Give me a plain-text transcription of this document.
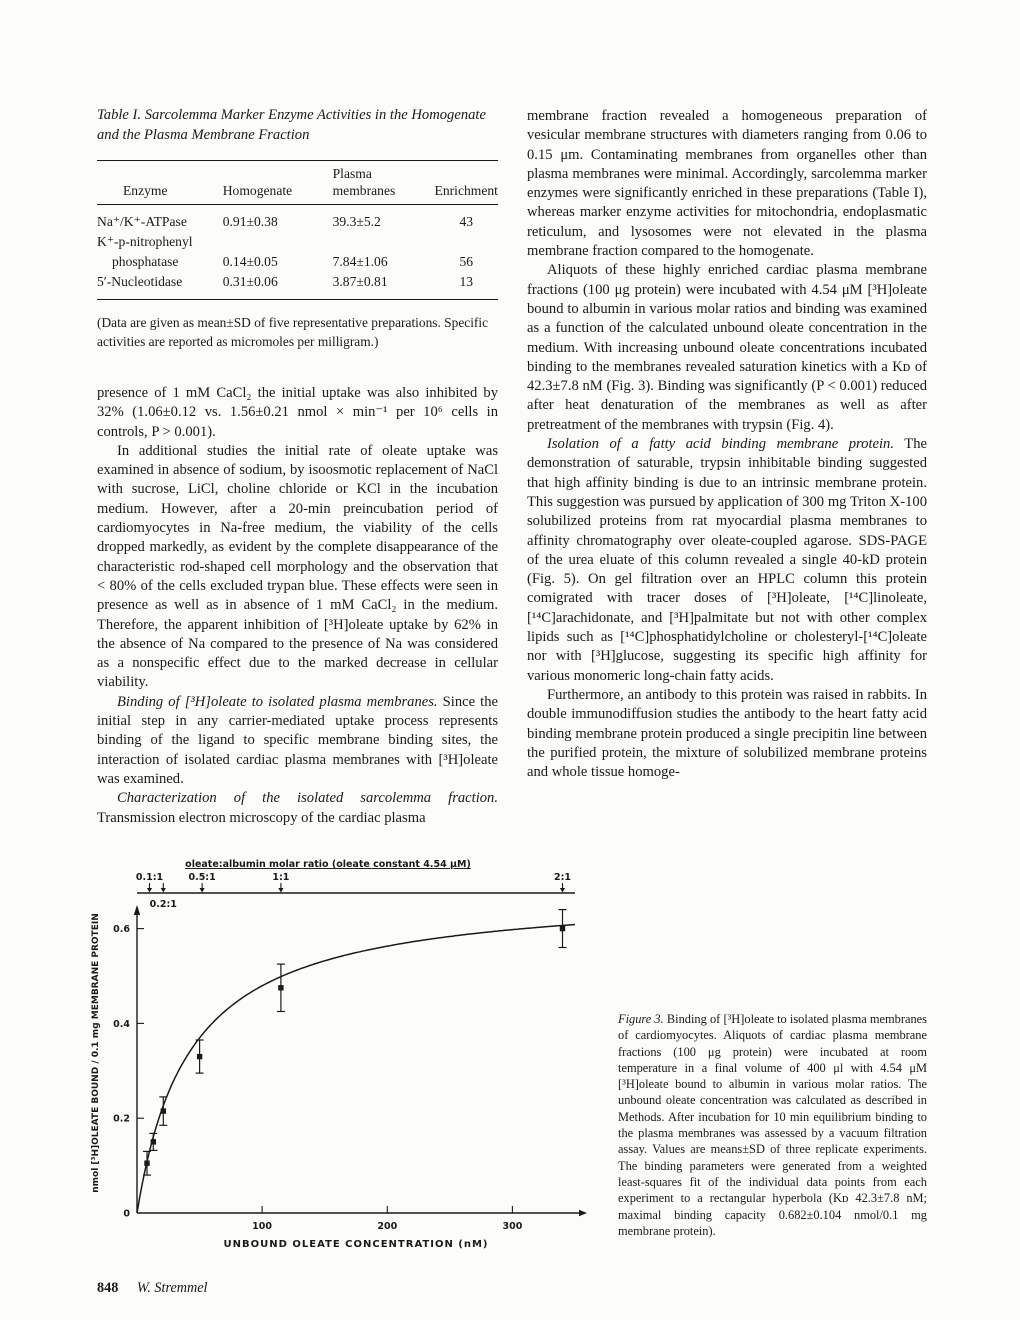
Table I. Sarcolemma Marker Enzyme Activities in the Homogenate and the Plasma Membrane Fraction

		Plasma	
Enzyme	Homogenate	membranes	Enrichment
Na⁺/K⁺-ATPase	0.91±0.38	39.3±5.2	43
K⁺-p-nitrophenyl			
phosphatase	0.14±0.05	7.84±1.06	56
5′-Nucleotidase	0.31±0.06	3.87±0.81	13

(Data are given as mean±SD of five representative preparations. Specific activities are reported as micromoles per milligram.)

presence of 1 mM CaCl₂ the initial uptake was also inhibited by 32% (1.06±0.12 vs. 1.56±0.21 nmol × min⁻¹ per 10⁶ cells in controls, P > 0.001).

In additional studies the initial rate of oleate uptake was examined in absence of sodium, by isoosmotic replacement of NaCl with sucrose, LiCl, choline chloride or KCl in the incubation medium. However, after a 20-min preincubation period of cardiomyocytes in Na-free medium, the viability of the cells dropped markedly, as evident by the complete disappearance of the characteristic rod-shaped cell morphology and the observation that < 80% of the cells excluded trypan blue. These effects were seen in presence as well as in absence of 1 mM CaCl₂ in the medium. Therefore, the apparent inhibition of [³H]oleate uptake by 62% in the absence of Na compared to the presence of Na was considered as a nonspecific effect due to the marked decrease in cellular viability.

Binding of [³H]oleate to isolated plasma membranes. Since the initial step in any carrier-mediated uptake process represents binding of the ligand to specific membrane binding sites, the interaction of isolated cardiac plasma membranes with [³H]oleate was examined.

Characterization of the isolated sarcolemma fraction. Transmission electron microscopy of the cardiac plasma

membrane fraction revealed a homogeneous preparation of vesicular membrane structures with diameters ranging from 0.06 to 0.15 μm. Contaminating membranes from organelles other than plasma membranes were minimal. Accordingly, sarcolemma marker enzymes were significantly enriched in these preparations (Table I), whereas marker enzyme activities for mitochondria, endoplasmatic reticulum, and lysosomes were not elevated in the plasma membrane fraction compared to the homogenate.

Aliquots of these highly enriched cardiac plasma membrane fractions (100 μg protein) were incubated with 4.54 μM [³H]oleate bound to albumin in various molar ratios and binding was examined as a function of the calculated unbound oleate concentration in the medium. With increasing unbound oleate concentrations incubated binding to the membranes revealed saturation kinetics with a Kᴅ of 42.3±7.8 nM (Fig. 3). Binding was significantly (P < 0.001) reduced after heat denaturation of the membranes as well as after pretreatment of the membranes with trypsin (Fig. 4).

Isolation of a fatty acid binding membrane protein. The demonstration of saturable, trypsin inhibitable binding suggested that high affinity binding is due to an intrinsic membrane protein. This suggestion was pursued by application of 300 mg Triton X-100 solubilized proteins from rat myocardial plasma membranes to affinity chromatography over oleate-coupled agarose. SDS-PAGE of the urea eluate of this column revealed a single 40-kD protein (Fig. 5). On gel filtration over an HPLC column this protein comigrated with tracer doses of [³H]oleate, [¹⁴C]linoleate, [¹⁴C]arachidonate, and [³H]palmitate but not with other complex lipids such as [¹⁴C]phosphatidylcholine or cholesteryl-[¹⁴C]oleate nor with [³H]glucose, suggesting its specific high affinity for various monomeric long-chain fatty acids.

Furthermore, an antibody to this protein was raised in rabbits. In double immunodiffusion studies the antibody to the heart fatty acid binding membrane protein produced a single precipitin line between the purified protein, the mixture of solubilized membrane proteins and whole tissue homoge-

oleate:albumin molar ratio (oleate constant 4.54 μM)
0.1:1
0.2:1
0.5:1	1:1	2:1
0
0.2
0.4
0.6
100	200	300
UNBOUND OLEATE CONCENTRATION (nM)
nmol [³H]OLEATE BOUND / 0.1 mg MEMBRANE PROTEIN	Figure 3. Binding of [³H]oleate to isolated plasma membranes of cardiomyocytes. Aliquots of cardiac plasma membrane fractions (100 μg protein) were incubated at room temperature in a final volume of 400 μl with 4.54 μM [³H]oleate bound to albumin in various molar ratios. The unbound oleate concentration was calculated as described in Methods. After incubation for 10 min equilibrium binding to the plasma membranes was assessed by a vacuum filtration assay. Values are means±SD of three replicate experiments. The binding parameters were generated from a weighted least-squares fit of the individual data points from each experiment to a rectangular hyperbola (Kᴅ 42.3±7.8 nM; maximal binding capacity 0.682±0.104 nmol/0.1 mg membrane protein).
848 W. Stremmel
